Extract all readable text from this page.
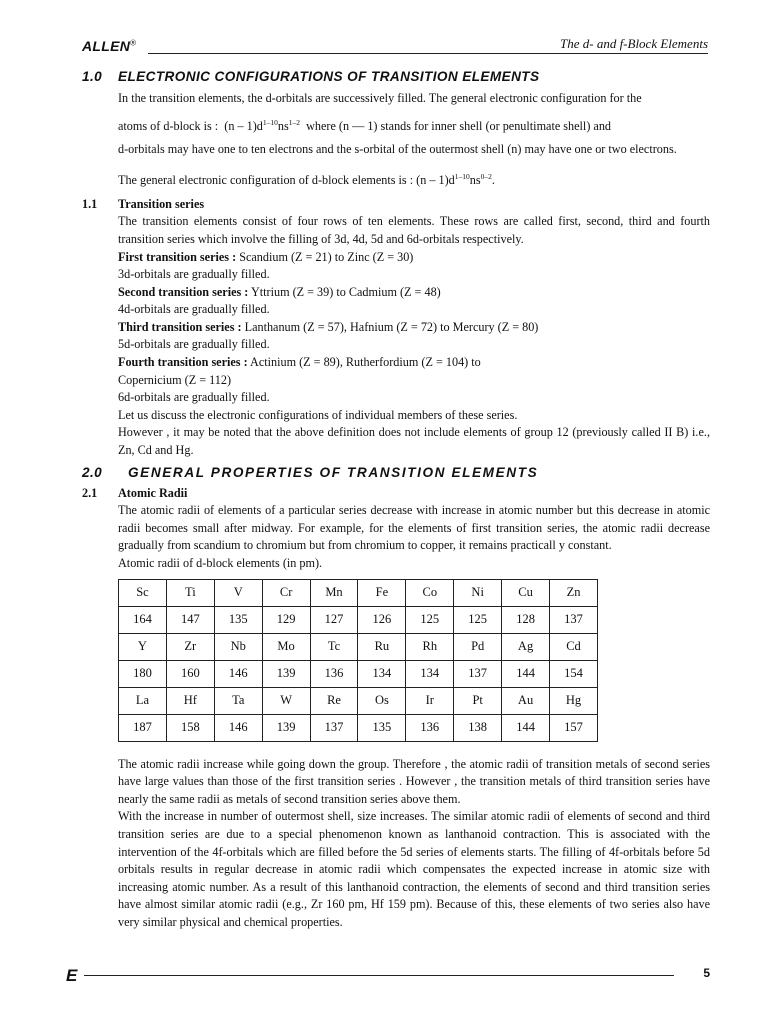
ALLEN®	The d- and f-Block Elements
1.0 ELECTRONIC CONFIGURATIONS OF TRANSITION ELEMENTS

In the transition elements, the d-orbitals are successively filled. The general electronic configuration for the

atoms of d-block is : $(n - 1)d^{1-10}ns^{1-2}$ where (n — 1) stands for inner shell (or penultimate shell) and

d-orbitals may have one to ten electrons and the s-orbital of the outermost shell (n) may have one or two electrons.

The general electronic configuration of d-block elements is : $(n - 1)d^{1-10}ns^{0-2}$.

1.1 Transition series

The transition elements consist of four rows of ten elements. These rows are called first, second, third and fourth transition series which involve the filling of 3d, 4d, 5d and 6d-orbitals respectively.

First transition series : Scandium (Z = 21) to Zinc (Z = 30)

3d-orbitals are gradually filled.

Second transition series : Yttrium (Z = 39) to Cadmium (Z = 48)

4d-orbitals are gradually filled.

Third transition series : Lanthanum (Z = 57), Hafnium (Z = 72) to Mercury (Z = 80)

5d-orbitals are gradually filled.

Fourth transition series : Actinium (Z = 89), Rutherfordium (Z = 104) to

Copernicium (Z = 112)

6d-orbitals are gradually filled.

Let us discuss the electronic configurations of individual members of these series.

However , it may be noted that the above definition does not include elements of group 12 (previously called II B) i.e., Zn, Cd and Hg.

2.0 GENERAL PROPERTIES OF TRANSITION ELEMENTS
2.1 Atomic Radii

The atomic radii of elements of a particular series decrease with increase in atomic number but this decrease in atomic radii becomes small after midway. For example, for the elements of first transition series, the atomic radii decrease gradually from scandium to chromium but from chromium to copper, it remains practicall y constant.

Atomic radii of d-block elements (in pm).

Sc	Ti	V	Cr	Mn	Fe	Co	Ni	Cu	Zn
164	147	135	129	127	126	125	125	128	137
Y	Zr	Nb	Mo	Tc	Ru	Rh	Pd	Ag	Cd
180	160	146	139	136	134	134	137	144	154
La	Hf	Ta	W	Re	Os	Ir	Pt	Au	Hg
187	158	146	139	137	135	136	138	144	157

The atomic radii increase while going down the group. Therefore , the atomic radii of transition metals of second series have large values than those of the first transition series . However , the transition metals of third transition series have nearly the same radii as metals of second transition series above them.

With the increase in number of outermost shell, size increases. The similar atomic radii of elements of second and third transition series are due to a special phenomenon known as lanthanoid contraction. This is associated with the intervention of the 4f-orbitals which are filled before the 5d series of elements starts. The filling of 4f-orbitals before 5d orbitals results in regular decrease in atomic radii which compensates the expected increase in atomic size with increasing atomic number. As a result of this lanthanoid contraction, the elements of second and third transition series have almost similar atomic radii (e.g., Zr 160 pm, Hf 159 pm). Because of this, these elements of two series also have very similar physical and chemical properties.

E	5
